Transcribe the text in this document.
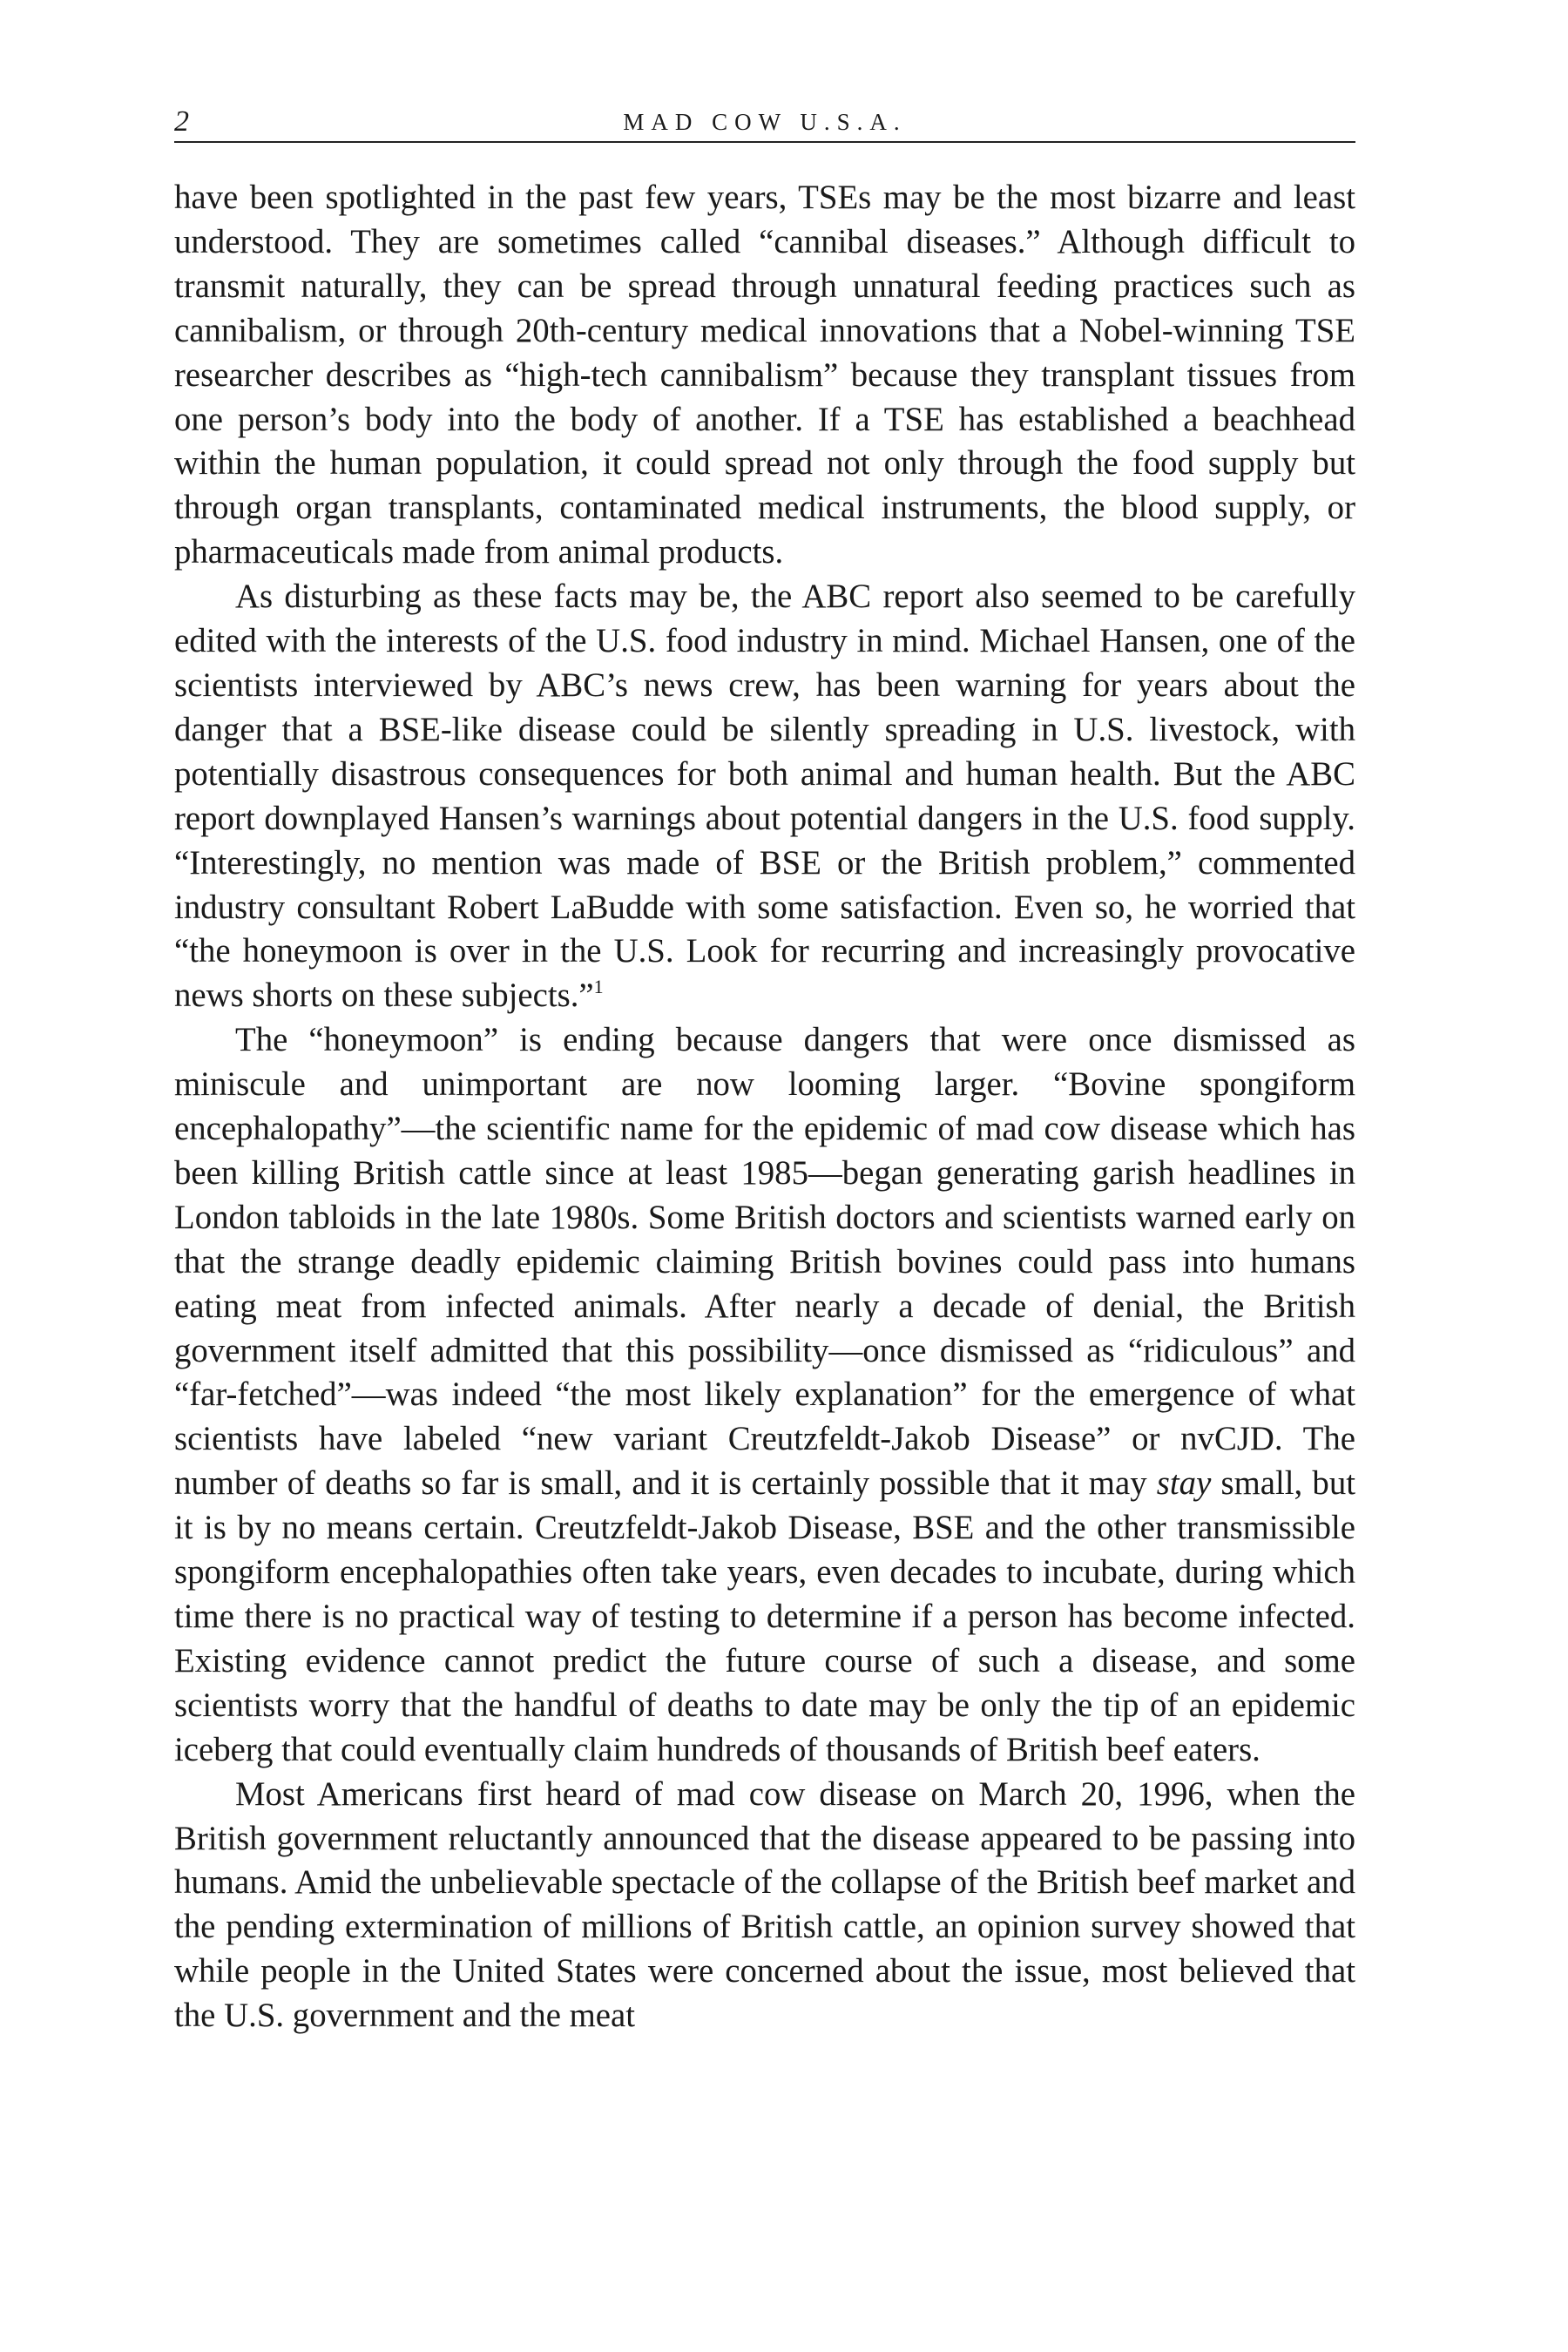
2	MAD COW U.S.A.

have been spotlighted in the past few years, TSEs may be the most bizarre and least understood. They are sometimes called “cannibal diseases.” Although difficult to transmit naturally, they can be spread through unnatural feeding practices such as cannibalism, or through 20th-century medical innovations that a Nobel-winning TSE researcher describes as “high-tech cannibalism” because they transplant tissues from one person’s body into the body of another. If a TSE has established a beachhead within the human population, it could spread not only through the food supply but through organ transplants, contaminated medical instruments, the blood supply, or pharmaceuticals made from animal products.

As disturbing as these facts may be, the ABC report also seemed to be carefully edited with the interests of the U.S. food industry in mind. Michael Hansen, one of the scientists interviewed by ABC’s news crew, has been warning for years about the danger that a BSE-like disease could be silently spreading in U.S. livestock, with potentially disastrous consequences for both animal and human health. But the ABC report downplayed Hansen’s warnings about potential dangers in the U.S. food supply. “Interestingly, no mention was made of BSE or the British problem,” commented industry consultant Robert LaBudde with some satisfaction. Even so, he worried that “the honeymoon is over in the U.S. Look for recurring and increasingly provocative news shorts on these subjects.”$^1$

The “honeymoon” is ending because dangers that were once dismissed as miniscule and unimportant are now looming larger. “Bovine spongiform encephalopathy”—the scientific name for the epidemic of mad cow disease which has been killing British cattle since at least 1985—began generating garish headlines in London tabloids in the late 1980s. Some British doctors and scientists warned early on that the strange deadly epidemic claiming British bovines could pass into humans eating meat from infected animals. After nearly a decade of denial, the British government itself admitted that this possibility—once dismissed as “ridiculous” and “far-fetched”—was indeed “the most likely explanation” for the emergence of what scientists have labeled “new variant Creutzfeldt-Jakob Disease” or nvCJD. The number of deaths so far is small, and it is certainly possible that it may stay small, but it is by no means certain. Creutzfeldt-Jakob Disease, BSE and the other transmissible spongiform encephalopathies often take years, even decades to incubate, during which time there is no practical way of testing to determine if a person has become infected. Existing evidence cannot predict the future course of such a disease, and some scientists worry that the handful of deaths to date may be only the tip of an epidemic iceberg that could eventually claim hundreds of thousands of British beef eaters.

Most Americans first heard of mad cow disease on March 20, 1996, when the British government reluctantly announced that the disease appeared to be passing into humans. Amid the unbelievable spectacle of the collapse of the British beef market and the pending extermination of millions of British cattle, an opinion survey showed that while people in the United States were concerned about the issue, most believed that the U.S. government and the meat
